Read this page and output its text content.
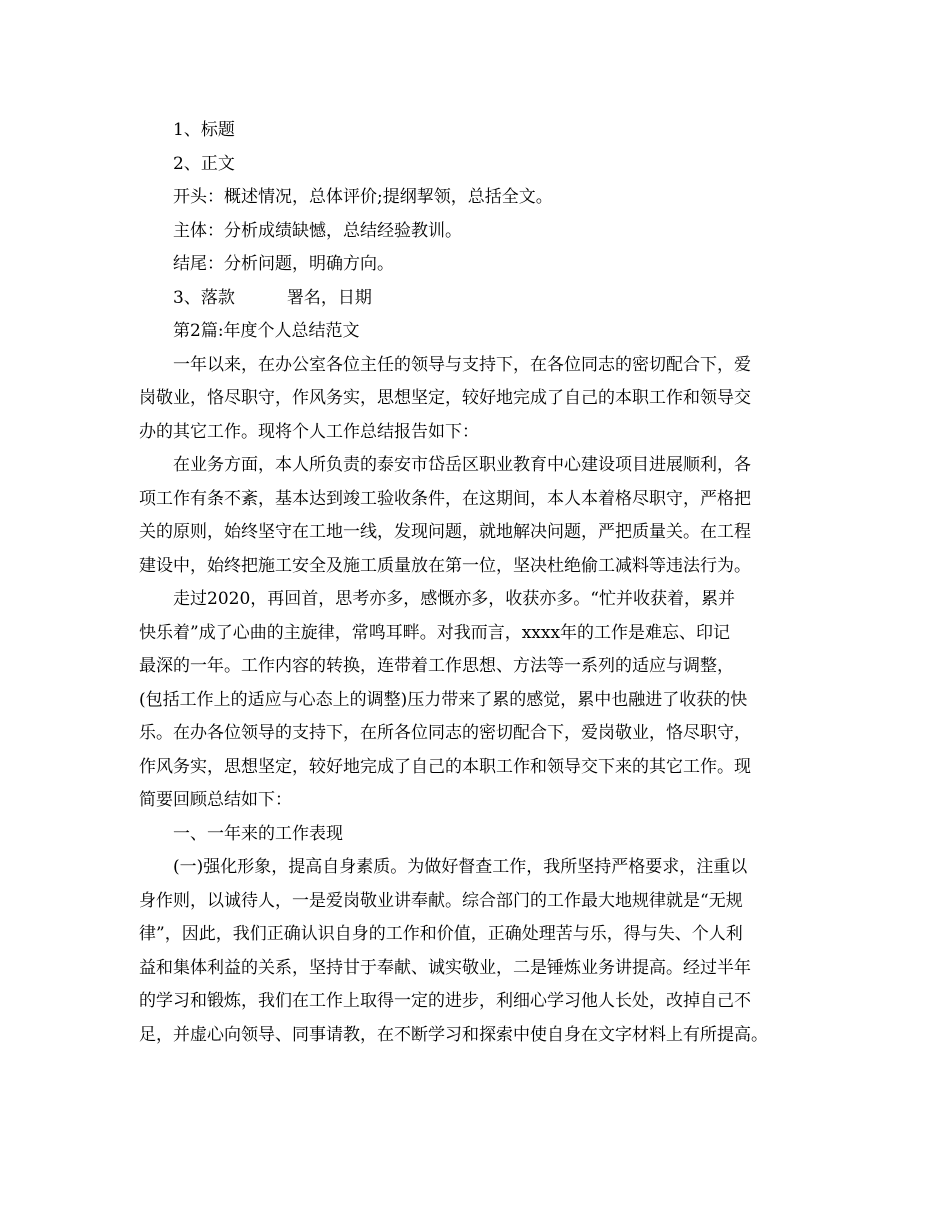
1、标题

2、正文

开头：概述情况，总体评价;提纲挈领，总括全文。

主体：分析成绩缺憾，总结经验教训。

结尾：分析问题，明确方向。

3、落款	署名，日期

第2篇:年度个人总结范文

一年以来，在办公室各位主任的领导与支持下，在各位同志的密切配合下，爱

岗敬业，恪尽职守，作风务实，思想坚定，较好地完成了自己的本职工作和领导交

办的其它工作。现将个人工作总结报告如下：

在业务方面，本人所负责的泰安市岱岳区职业教育中心建设项目进展顺利，各

项工作有条不紊，基本达到竣工验收条件，在这期间，本人本着格尽职守，严格把

关的原则，始终坚守在工地一线，发现问题，就地解决问题，严把质量关。在工程

建设中，始终把施工安全及施工质量放在第一位，坚决杜绝偷工减料等违法行为。

走过2020，再回首，思考亦多，感慨亦多，收获亦多。“忙并收获着，累并

快乐着”成了心曲的主旋律，常鸣耳畔。对我而言，xxxx年的工作是难忘、印记

最深的一年。工作内容的转换，连带着工作思想、方法等一系列的适应与调整，

(包括工作上的适应与心态上的调整)压力带来了累的感觉，累中也融进了收获的快

乐。在办各位领导的支持下，在所各位同志的密切配合下，爱岗敬业，恪尽职守，

作风务实，思想坚定，较好地完成了自己的本职工作和领导交下来的其它工作。现

简要回顾总结如下：

一、一年来的工作表现

(一)强化形象，提高自身素质。为做好督查工作，我所坚持严格要求，注重以

身作则，以诚待人，一是爱岗敬业讲奉献。综合部门的工作最大地规律就是“无规

律”，因此，我们正确认识自身的工作和价值，正确处理苦与乐，得与失、个人利

益和集体利益的关系，坚持甘于奉献、诚实敬业，二是锤炼业务讲提高。经过半年

的学习和锻炼，我们在工作上取得一定的进步，利细心学习他人长处，改掉自己不

足，并虚心向领导、同事请教，在不断学习和探索中使自身在文字材料上有所提高。
